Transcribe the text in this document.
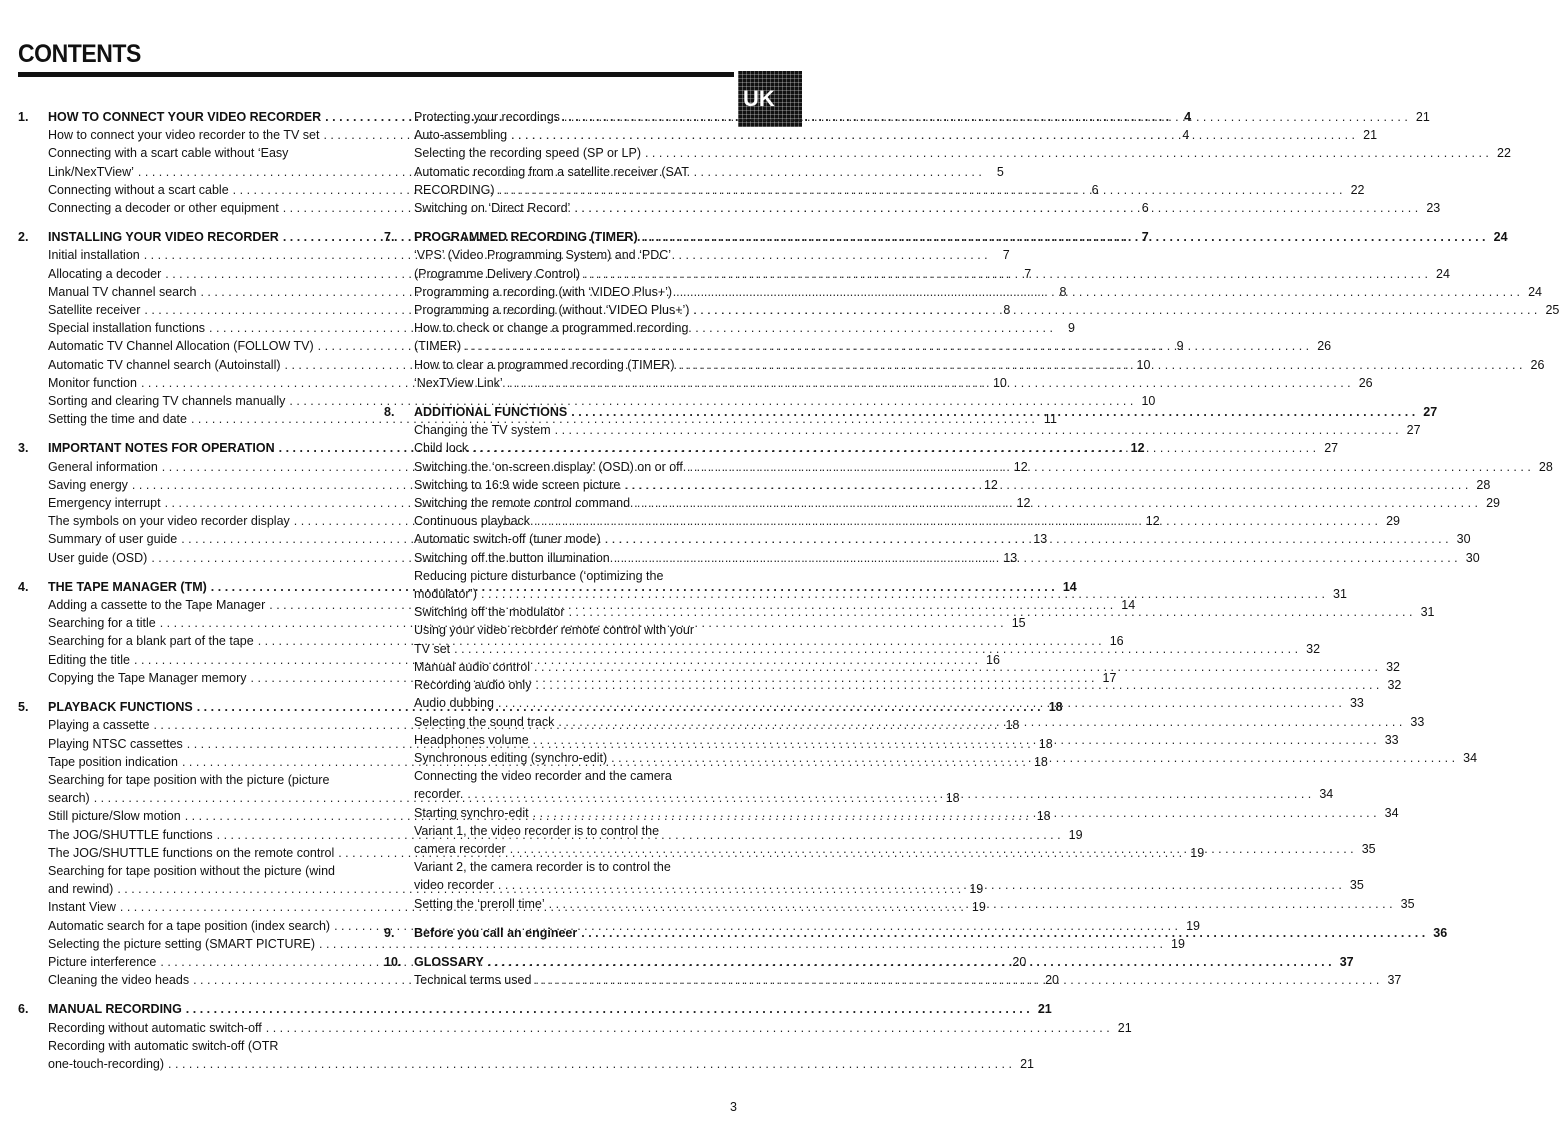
CONTENTS
UK
1.	HOW TO CONNECT YOUR VIDEO RECORDER . . .	4
How to connect your video recorder to the TV set . . .	4
Connecting with a scart cable without ‘Easy
Link/NexTView’ . . .	5
Connecting without a scart cable . . .	6
Connecting a decoder or other equipment . . .	6
2.	INSTALLING YOUR VIDEO RECORDER . . .	7
Initial installation . . .	7
Allocating a decoder . . .	7
Manual TV channel search . . .	8
Satellite receiver . . .	8
Special installation functions . . .	9
Automatic TV Channel Allocation (FOLLOW TV) . . .	9
Automatic TV channel search (Autoinstall) . . .	10
Monitor function . . .	10
Sorting and clearing TV channels manually . . .	10
Setting the time and date . . .	11
3.	IMPORTANT NOTES FOR OPERATION . . .	12
General information . . .	12
Saving energy . . .	12
Emergency interrupt . . .	12
The symbols on your video recorder display . . .	12
Summary of user guide . . .	13
User guide (OSD) . . .	13
4.	THE TAPE MANAGER (TM) . . .	14
Adding a cassette to the Tape Manager . . .	14
Searching for a title . . .	15
Searching for a blank part of the tape . . .	16
Editing the title . . .	16
Copying the Tape Manager memory . . .	17
5.	PLAYBACK FUNCTIONS . . .	18
Playing a cassette . . .	18
Playing NTSC cassettes . . .	18
Tape position indication . . .	18
Searching for tape position with the picture (picture
search) . . .	18
Still picture/Slow motion . . .	18
The JOG/SHUTTLE functions . . .	19
The JOG/SHUTTLE functions on the remote control . . .	19
Searching for tape position without the picture (wind
and rewind) . . .	19
Instant View . . .	19
Automatic search for a tape position (index search) . . .	19
Selecting the picture setting (SMART PICTURE) . . .	19
Picture interference . . .	20
Cleaning the video heads . . .	20
6.	MANUAL RECORDING . . .	21
Recording without automatic switch-off . . .	21
Recording with automatic switch-off (OTR
one-touch-recording) . . .	21
Protecting your recordings . . .	21
Auto-assembling . . .	21
Selecting the recording speed (SP or LP) . . .	22
Automatic recording from a satellite receiver (SAT
RECORDING) . . .	22
Switching on ‘Direct Record’ . . .	23
7.	PROGRAMMED RECORDING (TIMER) . . .	24
‘VPS’ (Video Programming System) and ‘PDC’
(Programme Delivery Control) . . .	24
Programming a recording (with ‘VIDEO Plus+’) . . .	24
Programming a recording (without ‘VIDEO Plus+’) . . .	25
How to check or change a programmed recording
(TIMER) . . .	26
How to clear a programmed recording (TIMER) . . .	26
‘NexTView Link’ . . .	26
8.	ADDITIONAL FUNCTIONS . . .	27
Changing the TV system . . .	27
Child lock . . .	27
Switching the ‘on-screen display’ (OSD) on or off . . .	28
Switching to 16:9 wide screen picture . . .	28
Switching the remote control command . . .	29
Continuous playback . . .	29
Automatic switch-off (tuner mode) . . .	30
Switching off the button illumination . . .	30
Reducing picture disturbance (‘optimizing the
modulator’) . . .	31
Switching off the modulator . . .	31
Using your video recorder remote control with your
TV set . . .	32
Manual audio control . . .	32
Recording audio only . . .	32
Audio dubbing . . .	33
Selecting the sound track . . .	33
Headphones volume . . .	33
Synchronous editing (synchro-edit) . . .	34
Connecting the video recorder and the camera
recorder. . . .	34
Starting synchro-edit . . .	34
Variant 1, the video recorder is to control the
camera recorder . . .	35
Variant 2, the camera recorder is to control the
video recorder . . .	35
Setting the ‘preroll time’ . . .	35
9.	Before you call an engineer . . .	36
10.	GLOSSARY . . .	37
Technical terms used . . .	37
3
